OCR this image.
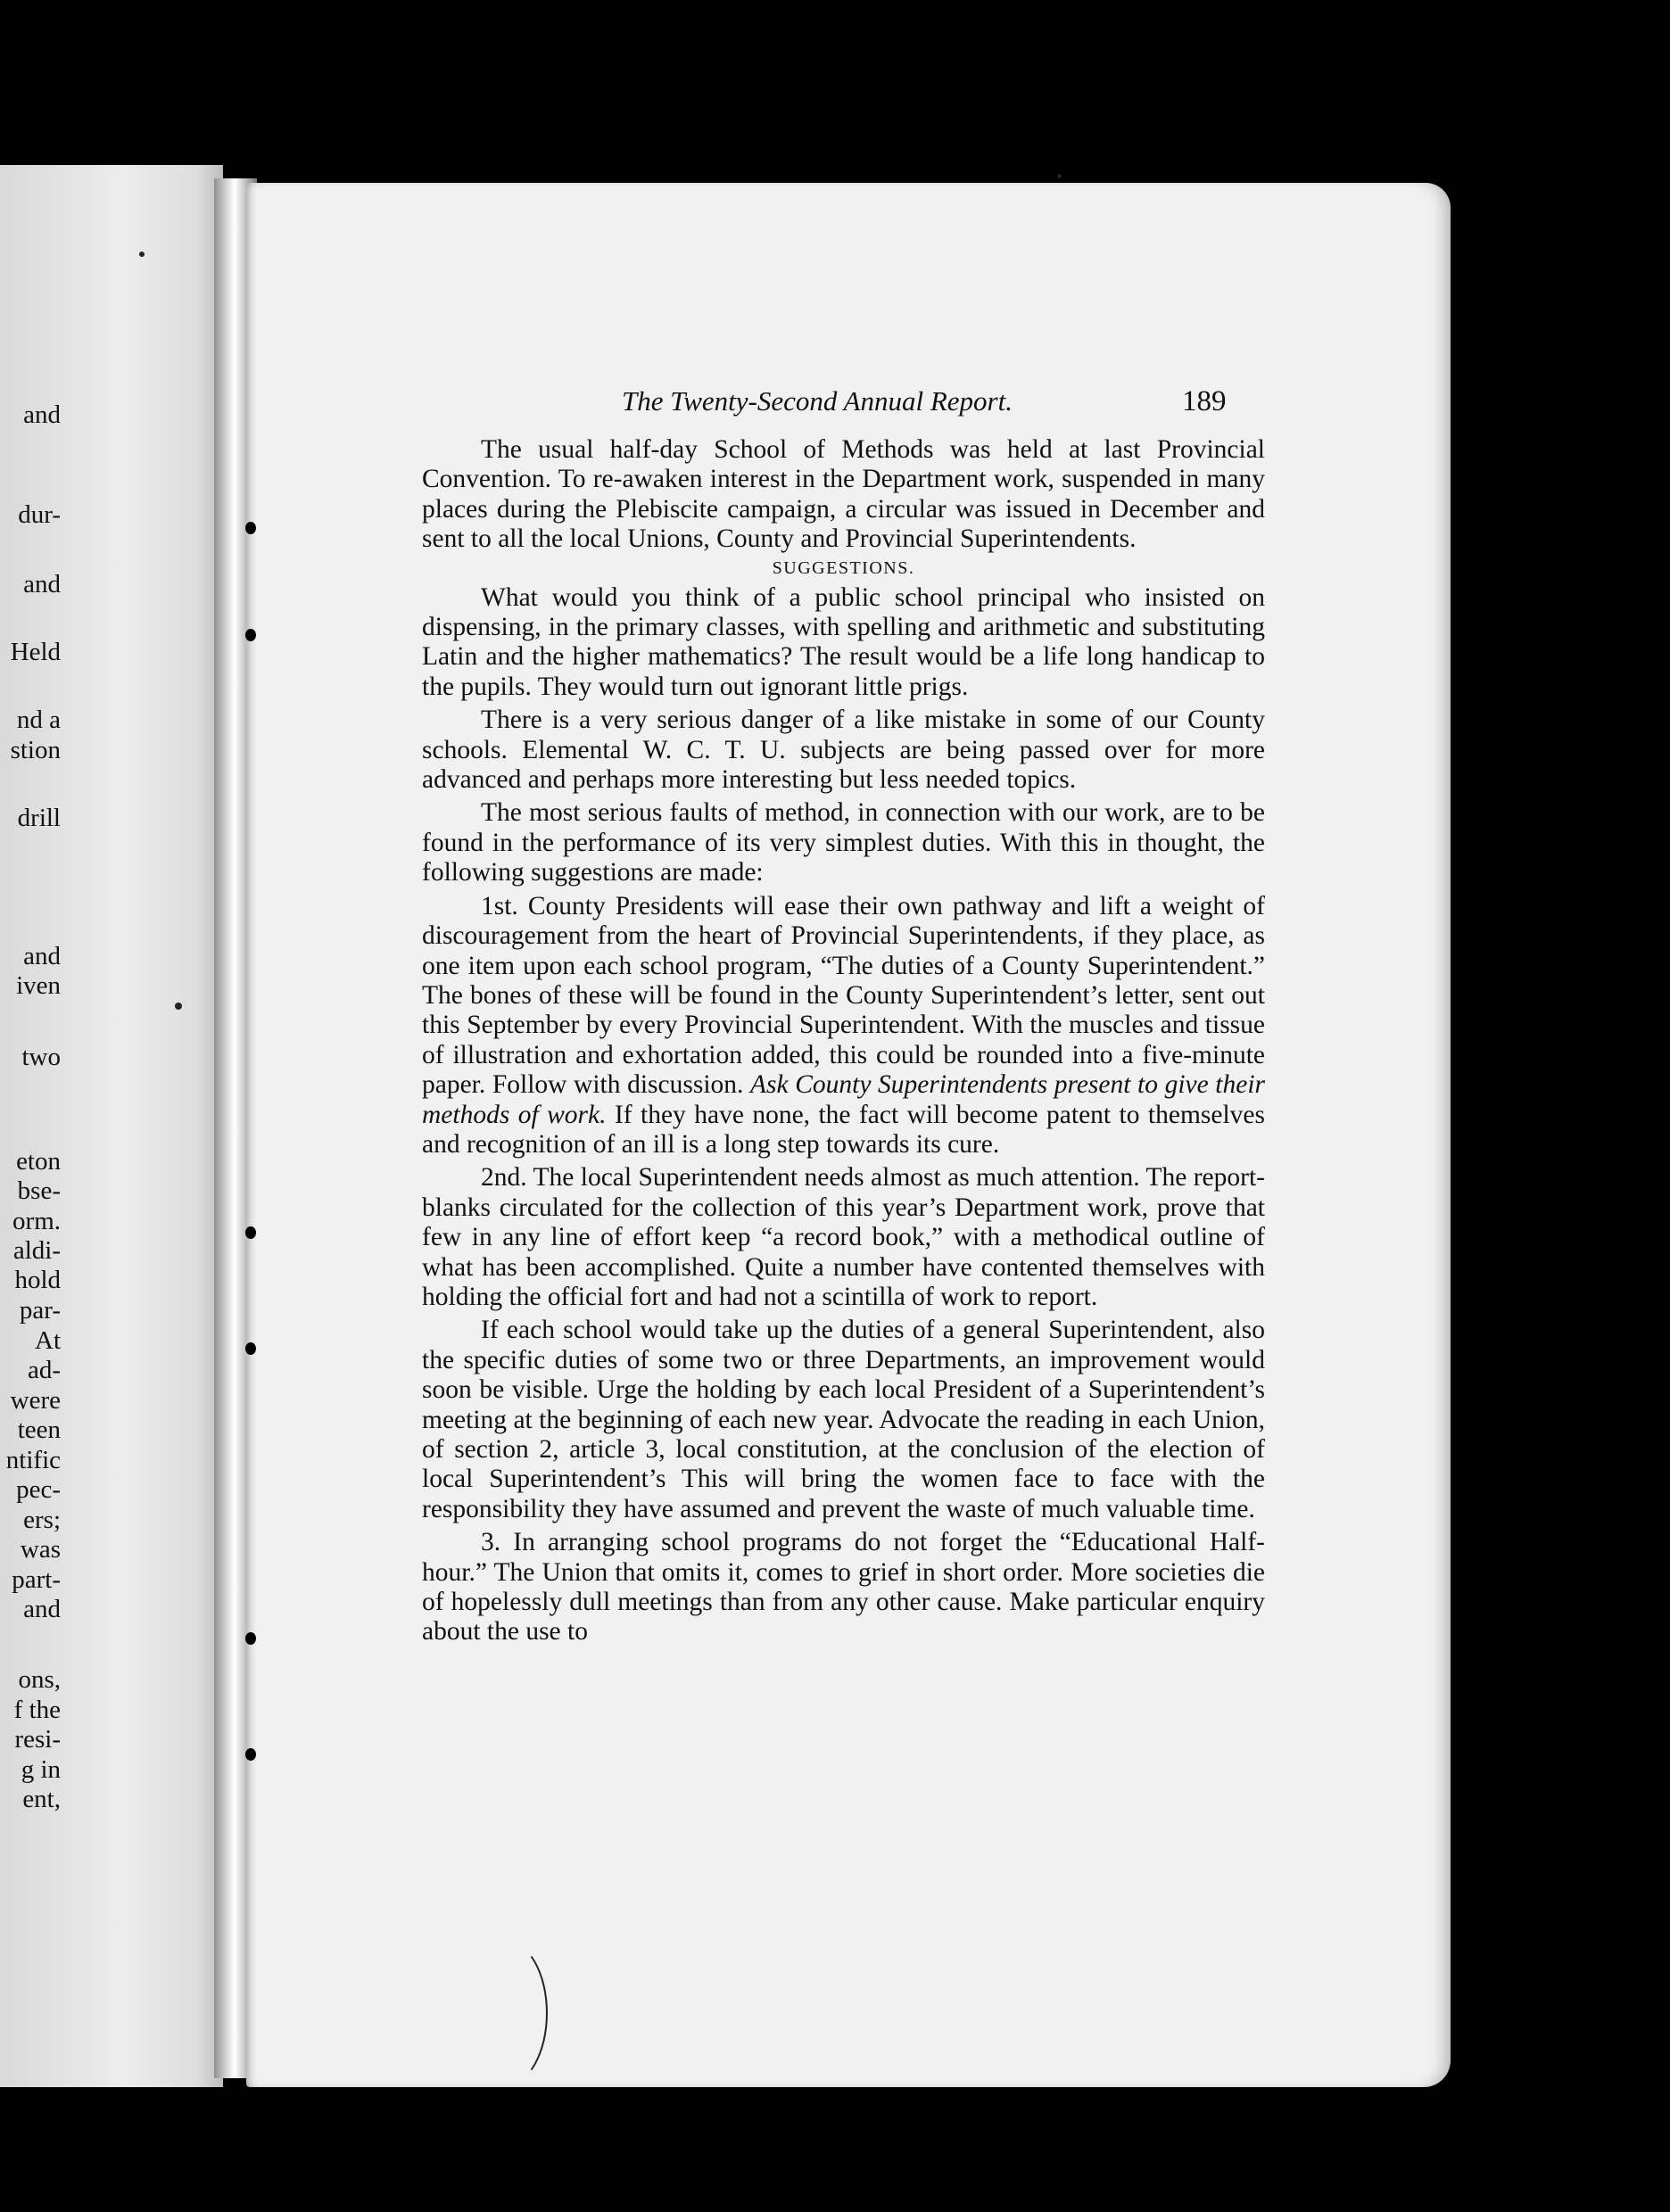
and
dur-
and
Held
nd a
stion
drill
and
iven
two
eton
bse-
orm.
aldi-
hold
par-
At
ad-
were
teen
ntific
pec-
ers;
was
part-
and
ons,
f the
resi-
g in
ent,
The Twenty-Second Annual Report.	189

The usual half-day School of Methods was held at last Provincial Convention. To re-awaken interest in the Department work, suspended in many places during the Plebiscite campaign, a circular was issued in December and sent to all the local Unions, County and Provincial Superintendents.

SUGGESTIONS.

What would you think of a public school principal who insisted on dispensing, in the primary classes, with spelling and arithmetic and substituting Latin and the higher mathematics? The result would be a life long handicap to the pupils. They would turn out ignorant little prigs.

There is a very serious danger of a like mistake in some of our County schools. Elemental W. C. T. U. subjects are being passed over for more advanced and perhaps more interesting but less needed topics.

The most serious faults of method, in connection with our work, are to be found in the performance of its very simplest duties. With this in thought, the following suggestions are made:

1st. County Presidents will ease their own pathway and lift a weight of discouragement from the heart of Provincial Superintendents, if they place, as one item upon each school program, “The duties of a County Superintendent.” The bones of these will be found in the County Superintendent’s letter, sent out this September by every Provincial Superintendent. With the muscles and tissue of illustration and exhortation added, this could be rounded into a five-minute paper. Follow with discussion. Ask County Superintendents present to give their methods of work. If they have none, the fact will become patent to themselves and recognition of an ill is a long step towards its cure.

2nd. The local Superintendent needs almost as much attention. The report-blanks circulated for the collection of this year’s Department work, prove that few in any line of effort keep “a record book,” with a methodical outline of what has been accomplished. Quite a number have contented themselves with holding the official fort and had not a scintilla of work to report.

If each school would take up the duties of a general Superintendent, also the specific duties of some two or three Departments, an improvement would soon be visible. Urge the holding by each local President of a Superintendent’s meeting at the beginning of each new year. Advocate the reading in each Union, of section 2, article 3, local constitution, at the conclusion of the election of local Superintendent’s This will bring the women face to face with the responsibility they have assumed and prevent the waste of much valuable time.

3. In arranging school programs do not forget the “Educational Half-hour.” The Union that omits it, comes to grief in short order. More societies die of hopelessly dull meetings than from any other cause. Make particular enquiry about the use to
